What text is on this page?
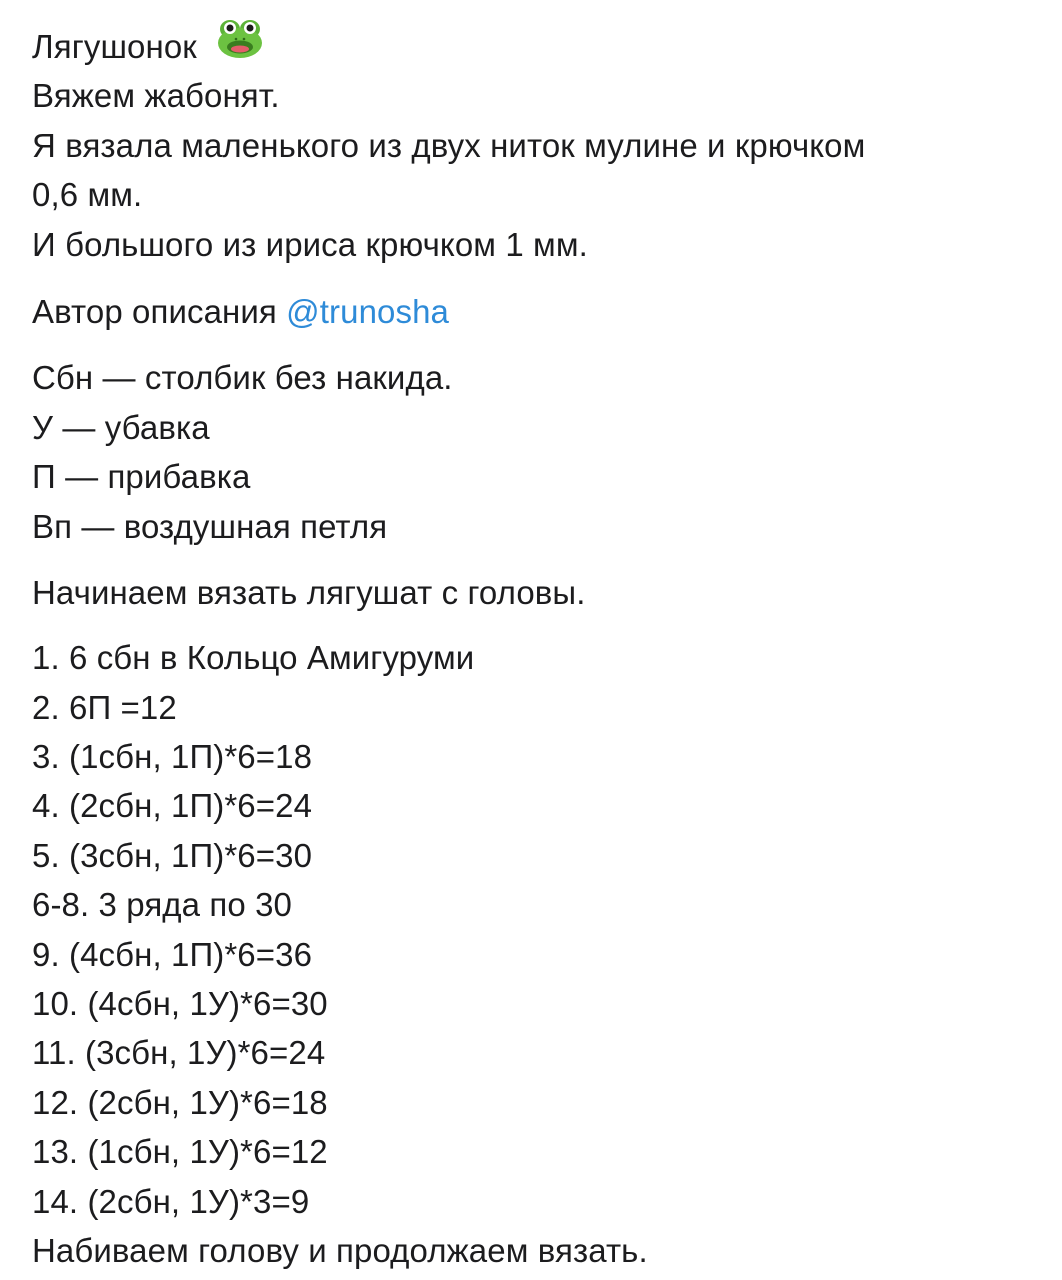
Лягушонок
Вяжем жабонят.
Я вязала маленького из двух ниток мулине и крючком
0,6 мм.
И большого из ириса крючком 1 мм.
Автор описания @trunosha
Сбн — столбик без накида.
У — убавка
П — прибавка
Вп — воздушная петля
Начинаем вязать лягушат с головы.
1. 6 сбн в Кольцо Амигуруми
2. 6П =12
3. (1сбн, 1П)*6=18
4. (2сбн, 1П)*6=24
5. (3сбн, 1П)*6=30
6-8. 3 ряда по 30
9. (4сбн, 1П)*6=36
10. (4сбн, 1У)*6=30
11. (3сбн, 1У)*6=24
12. (2сбн, 1У)*6=18
13. (1сбн, 1У)*6=12
14. (2сбн, 1У)*3=9
Набиваем голову и продолжаем вязать.
